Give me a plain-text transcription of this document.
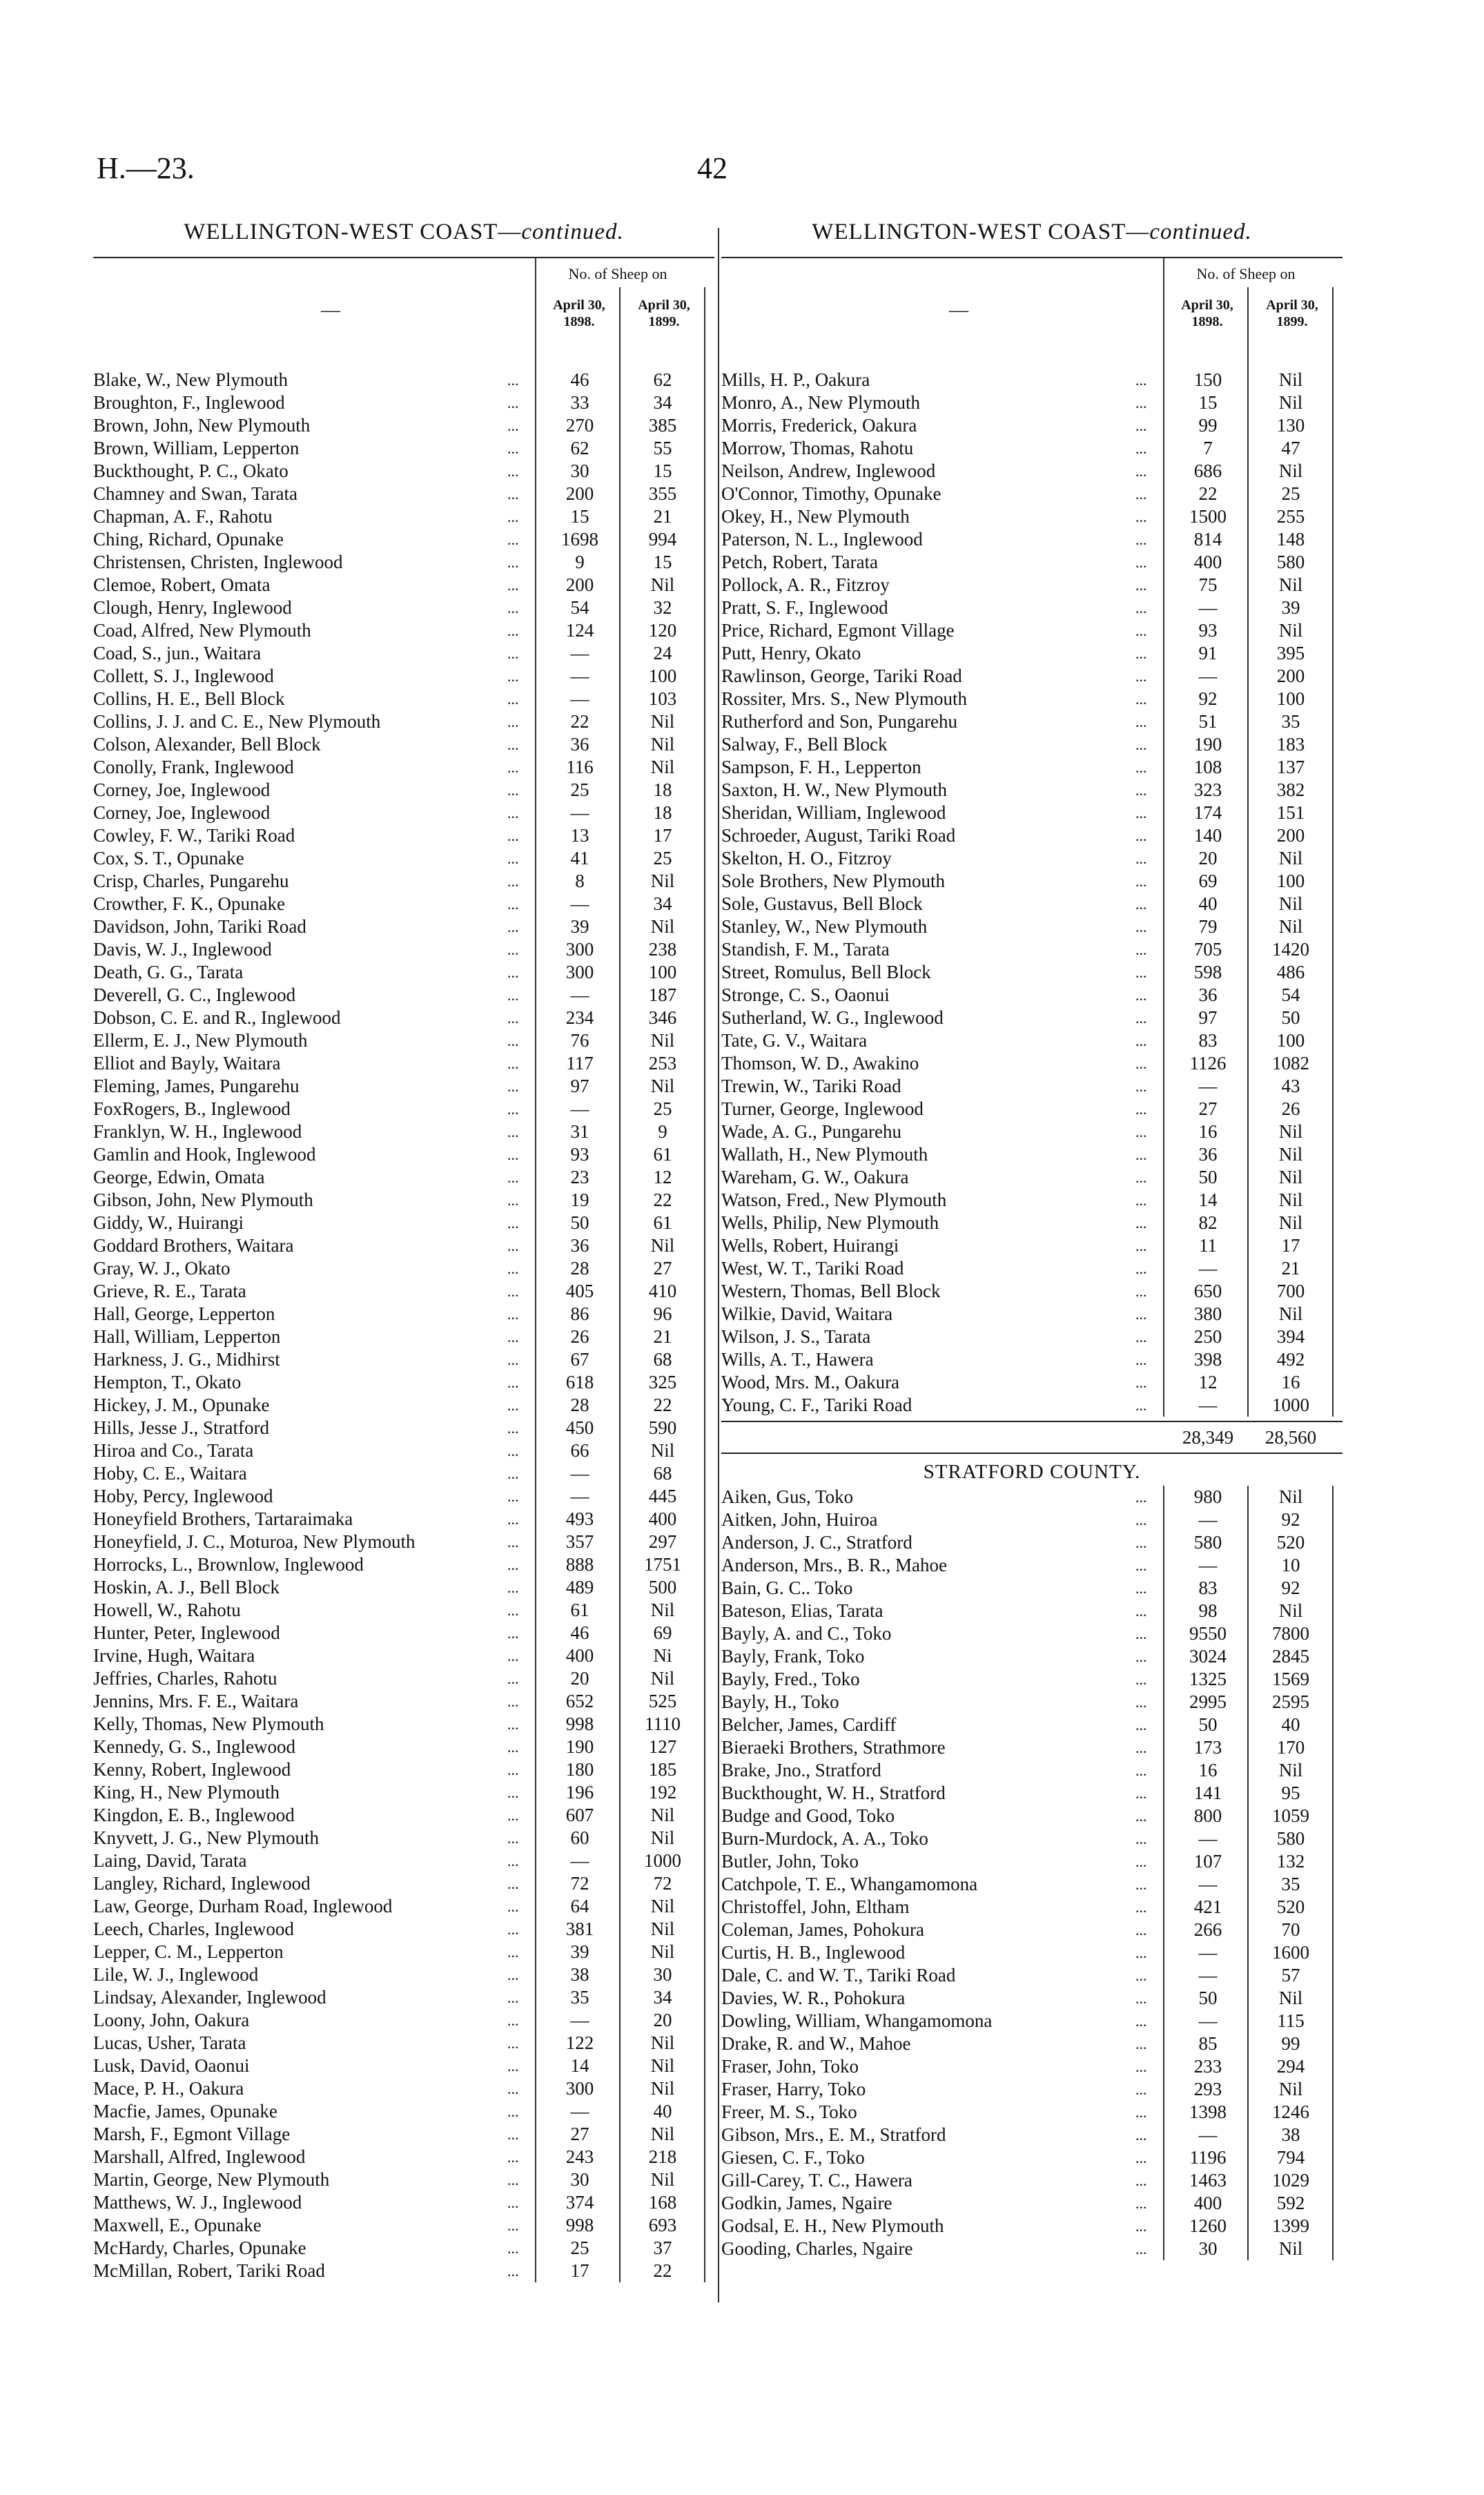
H.—23.	42
WELLINGTON-WEST COAST—continued.
—
No. of Sheep on
April 30, 1898.
April 30, 1899.
Blake, W., New Plymouth	...	46	62
Broughton, F., Inglewood	...	33	34
Brown, John, New Plymouth	...	270	385
Brown, William, Lepperton	...	62	55
Buckthought, P. C., Okato	...	30	15
Chamney and Swan, Tarata	...	200	355
Chapman, A. F., Rahotu	...	15	21
Ching, Richard, Opunake	...	1698	994
Christensen, Christen, Inglewood	...	9	15
Clemoe, Robert, Omata	...	200	Nil
Clough, Henry, Inglewood	...	54	32
Coad, Alfred, New Plymouth	...	124	120
Coad, S., jun., Waitara	...	—	24
Collett, S. J., Inglewood	...	—	100
Collins, H. E., Bell Block	...	—	103
Collins, J. J. and C. E., New Plymouth	...	22	Nil
Colson, Alexander, Bell Block	...	36	Nil
Conolly, Frank, Inglewood	...	116	Nil
Corney, Joe, Inglewood	...	25	18
Corney, Joe, Inglewood	...	—	18
Cowley, F. W., Tariki Road	...	13	17
Cox, S. T., Opunake	...	41	25
Crisp, Charles, Pungarehu	...	8	Nil
Crowther, F. K., Opunake	...	—	34
Davidson, John, Tariki Road	...	39	Nil
Davis, W. J., Inglewood	...	300	238
Death, G. G., Tarata	...	300	100
Deverell, G. C., Inglewood	...	—	187
Dobson, C. E. and R., Inglewood	...	234	346
Ellerm, E. J., New Plymouth	...	76	Nil
Elliot and Bayly, Waitara	...	117	253
Fleming, James, Pungarehu	...	97	Nil
FoxRogers, B., Inglewood	...	—	25
Franklyn, W. H., Inglewood	...	31	9
Gamlin and Hook, Inglewood	...	93	61
George, Edwin, Omata	...	23	12
Gibson, John, New Plymouth	...	19	22
Giddy, W., Huirangi	...	50	61
Goddard Brothers, Waitara	...	36	Nil
Gray, W. J., Okato	...	28	27
Grieve, R. E., Tarata	...	405	410
Hall, George, Lepperton	...	86	96
Hall, William, Lepperton	...	26	21
Harkness, J. G., Midhirst	...	67	68
Hempton, T., Okato	...	618	325
Hickey, J. M., Opunake	...	28	22
Hills, Jesse J., Stratford	...	450	590
Hiroa and Co., Tarata	...	66	Nil
Hoby, C. E., Waitara	...	—	68
Hoby, Percy, Inglewood	...	—	445
Honeyfield Brothers, Tartaraimaka	...	493	400
Honeyfield, J. C., Moturoa, New Plymouth	...	357	297
Horrocks, L., Brownlow, Inglewood	...	888	1751
Hoskin, A. J., Bell Block	...	489	500
Howell, W., Rahotu	...	61	Nil
Hunter, Peter, Inglewood	...	46	69
Irvine, Hugh, Waitara	...	400	Ni
Jeffries, Charles, Rahotu	...	20	Nil
Jennins, Mrs. F. E., Waitara	...	652	525
Kelly, Thomas, New Plymouth	...	998	1110
Kennedy, G. S., Inglewood	...	190	127
Kenny, Robert, Inglewood	...	180	185
King, H., New Plymouth	...	196	192
Kingdon, E. B., Inglewood	...	607	Nil
Knyvett, J. G., New Plymouth	...	60	Nil
Laing, David, Tarata	...	—	1000
Langley, Richard, Inglewood	...	72	72
Law, George, Durham Road, Inglewood	...	64	Nil
Leech, Charles, Inglewood	...	381	Nil
Lepper, C. M., Lepperton	...	39	Nil
Lile, W. J., Inglewood	...	38	30
Lindsay, Alexander, Inglewood	...	35	34
Loony, John, Oakura	...	—	20
Lucas, Usher, Tarata	...	122	Nil
Lusk, David, Oaonui	...	14	Nil
Mace, P. H., Oakura	...	300	Nil
Macfie, James, Opunake	...	—	40
Marsh, F., Egmont Village	...	27	Nil
Marshall, Alfred, Inglewood	...	243	218
Martin, George, New Plymouth	...	30	Nil
Matthews, W. J., Inglewood	...	374	168
Maxwell, E., Opunake	...	998	693
McHardy, Charles, Opunake	...	25	37
McMillan, Robert, Tariki Road	...	17	22
WELLINGTON-WEST COAST—continued.
—
No. of Sheep on
April 30, 1898.
April 30, 1899.
Mills, H. P., Oakura	...	150	Nil
Monro, A., New Plymouth	...	15	Nil
Morris, Frederick, Oakura	...	99	130
Morrow, Thomas, Rahotu	...	7	47
Neilson, Andrew, Inglewood	...	686	Nil
O'Connor, Timothy, Opunake	...	22	25
Okey, H., New Plymouth	...	1500	255
Paterson, N. L., Inglewood	...	814	148
Petch, Robert, Tarata	...	400	580
Pollock, A. R., Fitzroy	...	75	Nil
Pratt, S. F., Inglewood	...	—	39
Price, Richard, Egmont Village	...	93	Nil
Putt, Henry, Okato	...	91	395
Rawlinson, George, Tariki Road	...	—	200
Rossiter, Mrs. S., New Plymouth	...	92	100
Rutherford and Son, Pungarehu	...	51	35
Salway, F., Bell Block	...	190	183
Sampson, F. H., Lepperton	...	108	137
Saxton, H. W., New Plymouth	...	323	382
Sheridan, William, Inglewood	...	174	151
Schroeder, August, Tariki Road	...	140	200
Skelton, H. O., Fitzroy	...	20	Nil
Sole Brothers, New Plymouth	...	69	100
Sole, Gustavus, Bell Block	...	40	Nil
Stanley, W., New Plymouth	...	79	Nil
Standish, F. M., Tarata	...	705	1420
Street, Romulus, Bell Block	...	598	486
Stronge, C. S., Oaonui	...	36	54
Sutherland, W. G., Inglewood	...	97	50
Tate, G. V., Waitara	...	83	100
Thomson, W. D., Awakino	...	1126	1082
Trewin, W., Tariki Road	...	—	43
Turner, George, Inglewood	...	27	26
Wade, A. G., Pungarehu	...	16	Nil
Wallath, H., New Plymouth	...	36	Nil
Wareham, G. W., Oakura	...	50	Nil
Watson, Fred., New Plymouth	...	14	Nil
Wells, Philip, New Plymouth	...	82	Nil
Wells, Robert, Huirangi	...	11	17
West, W. T., Tariki Road	...	—	21
Western, Thomas, Bell Block	...	650	700
Wilkie, David, Waitara	...	380	Nil
Wilson, J. S., Tarata	...	250	394
Wills, A. T., Hawera	...	398	492
Wood, Mrs. M., Oakura	...	12	16
Young, C. F., Tariki Road	...	—	1000
28,349	28,560
STRATFORD COUNTY.
Aiken, Gus, Toko	...	980	Nil
Aitken, John, Huiroa	...	—	92
Anderson, J. C., Stratford	...	580	520
Anderson, Mrs., B. R., Mahoe	...	—	10
Bain, G. C.. Toko	...	83	92
Bateson, Elias, Tarata	...	98	Nil
Bayly, A. and C., Toko	...	9550	7800
Bayly, Frank, Toko	...	3024	2845
Bayly, Fred., Toko	...	1325	1569
Bayly, H., Toko	...	2995	2595
Belcher, James, Cardiff	...	50	40
Bieraeki Brothers, Strathmore	...	173	170
Brake, Jno., Stratford	...	16	Nil
Buckthought, W. H., Stratford	...	141	95
Budge and Good, Toko	...	800	1059
Burn-Murdock, A. A., Toko	...	—	580
Butler, John, Toko	...	107	132
Catchpole, T. E., Whangamomona	...	—	35
Christoffel, John, Eltham	...	421	520
Coleman, James, Pohokura	...	266	70
Curtis, H. B., Inglewood	...	—	1600
Dale, C. and W. T., Tariki Road	...	—	57
Davies, W. R., Pohokura	...	50	Nil
Dowling, William, Whangamomona	...	—	115
Drake, R. and W., Mahoe	...	85	99
Fraser, John, Toko	...	233	294
Fraser, Harry, Toko	...	293	Nil
Freer, M. S., Toko	...	1398	1246
Gibson, Mrs., E. M., Stratford	...	—	38
Giesen, C. F., Toko	...	1196	794
Gill-Carey, T. C., Hawera	...	1463	1029
Godkin, James, Ngaire	...	400	592
Godsal, E. H., New Plymouth	...	1260	1399
Gooding, Charles, Ngaire	...	30	Nil
